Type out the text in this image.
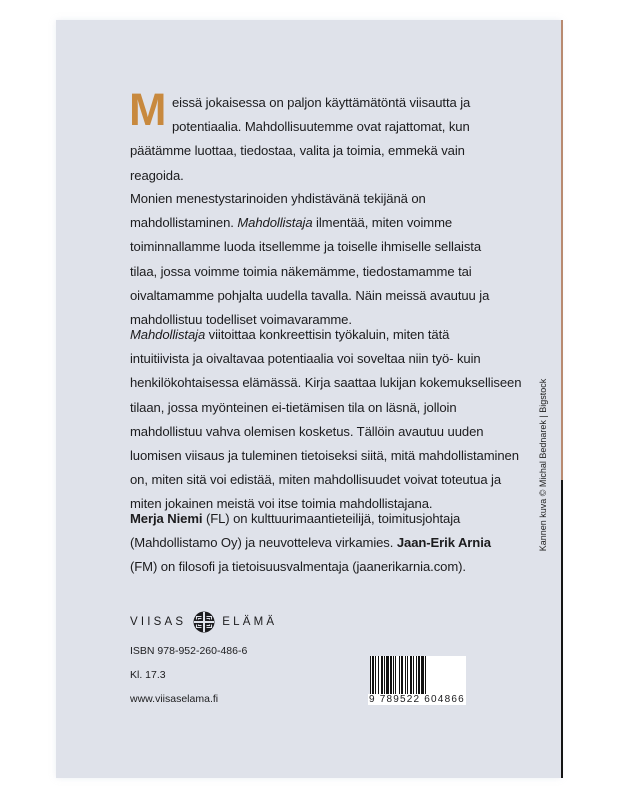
M eissä jokaisessa on paljon käyttämätöntä viisautta ja
potentiaalia. Mahdollisuutemme ovat rajattomat, kun
päätämme luottaa, tiedostaa, valita ja toimia, emmekä vain
reagoida.
Monien menestystarinoiden yhdistävänä tekijänä on
mahdollistaminen. Mahdollistaja ilmentää, miten voimme
toiminnallamme luoda itsellemme ja toiselle ihmiselle sellaista
tilaa, jossa voimme toimia näkemämme, tiedostamamme tai
oivaltamamme pohjalta uudella tavalla. Näin meissä avautuu ja
mahdollistuu todelliset voimavaramme.
Mahdollistaja viitoittaa konkreettisin työkaluin, miten tätä
intuitiivista ja oivaltavaa potentiaalia voi soveltaa niin työ- kuin
henkilökohtaisessa elämässä. Kirja saattaa lukijan kokemukselliseen
tilaan, jossa myönteinen ei-tietämisen tila on läsnä, jolloin
mahdollistuu vahva olemisen kosketus. Tällöin avautuu uuden
luomisen viisaus ja tuleminen tietoiseksi siitä, mitä mahdollistaminen
on, miten sitä voi edistää, miten mahdollisuudet voivat toteutua ja
miten jokainen meistä voi itse toimia mahdollistajana.
Merja Niemi (FL) on kulttuurimaantieteilijä, toimitusjohtaja
(Mahdollistamo Oy) ja neuvotteleva virkamies. Jaan-Erik Arnia
(FM) on filosofi ja tietoisuusvalmentaja (jaanerikarnia.com).
VIISAS	ELÄMÄ
ISBN 978-952-260-486-6
Kl. 17.3
www.viisaselama.fi	9 789522 604866
Kannen kuva © Michal Bednarek | Bigstock
